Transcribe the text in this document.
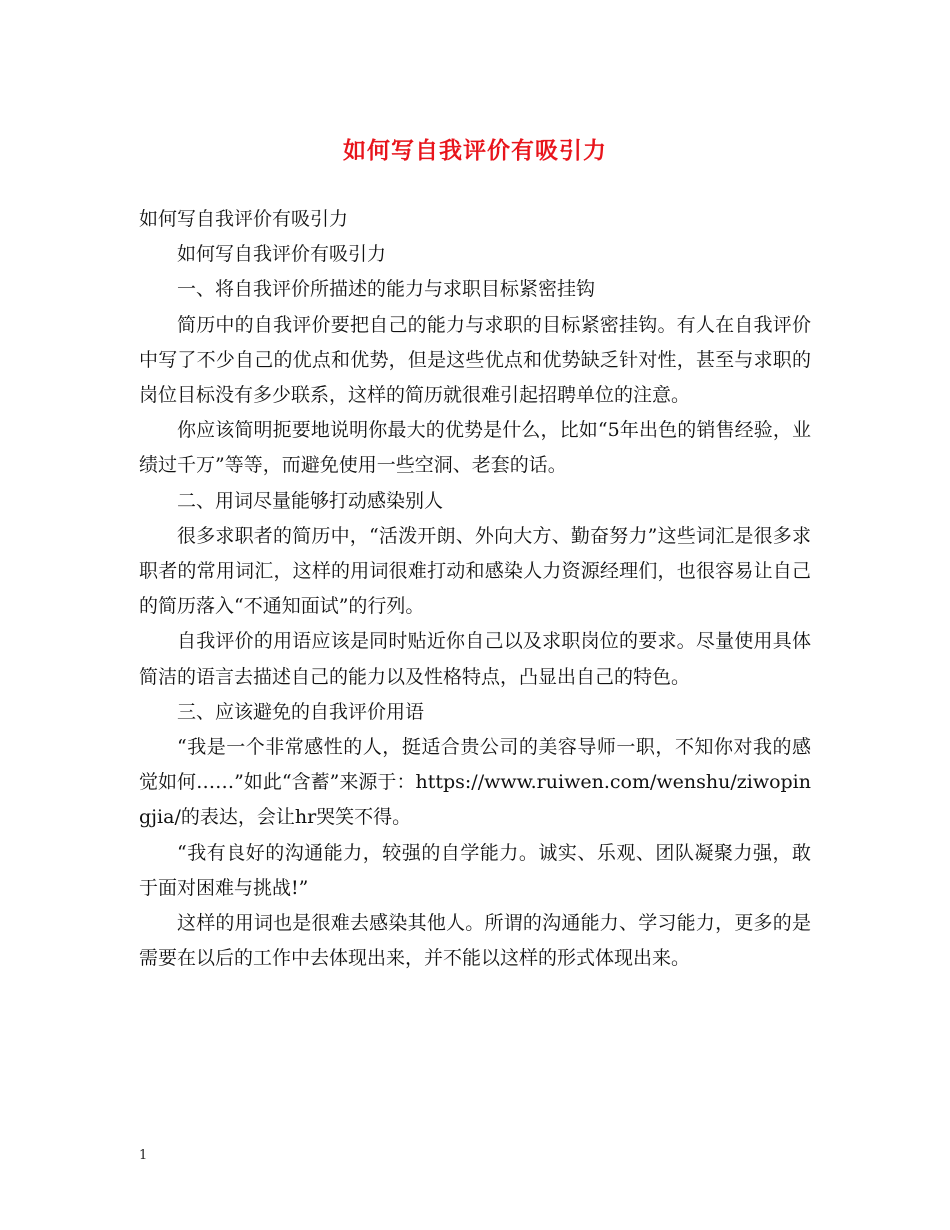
如何写自我评价有吸引力

如何写自我评价有吸引力

如何写自我评价有吸引力

一、将自我评价所描述的能力与求职目标紧密挂钩

简历中的自我评价要把自己的能力与求职的目标紧密挂钩。有人在自我评价中写了不少自己的优点和优势，但是这些优点和优势缺乏针对性，甚至与求职的岗位目标没有多少联系，这样的简历就很难引起招聘单位的注意。

你应该简明扼要地说明你最大的优势是什么，比如“5年出色的销售经验，业绩过千万”等等，而避免使用一些空洞、老套的话。

二、用词尽量能够打动感染别人

很多求职者的简历中，“活泼开朗、外向大方、勤奋努力”这些词汇是很多求职者的常用词汇，这样的用词很难打动和感染人力资源经理们，也很容易让自己的简历落入“不通知面试”的行列。

自我评价的用语应该是同时贴近你自己以及求职岗位的要求。尽量使用具体简洁的语言去描述自己的能力以及性格特点，凸显出自己的特色。

三、应该避免的自我评价用语

“我是一个非常感性的人，挺适合贵公司的美容导师一职，不知你对我的感觉如何……”如此“含蓄”来源于：https://www.ruiwen.com/wenshu/ziwopingjia/的表达，会让hr哭笑不得。

“我有良好的沟通能力，较强的自学能力。诚实、乐观、团队凝聚力强，敢于面对困难与挑战!”

这样的用词也是很难去感染其他人。所谓的沟通能力、学习能力，更多的是需要在以后的工作中去体现出来，并不能以这样的形式体现出来。

1
